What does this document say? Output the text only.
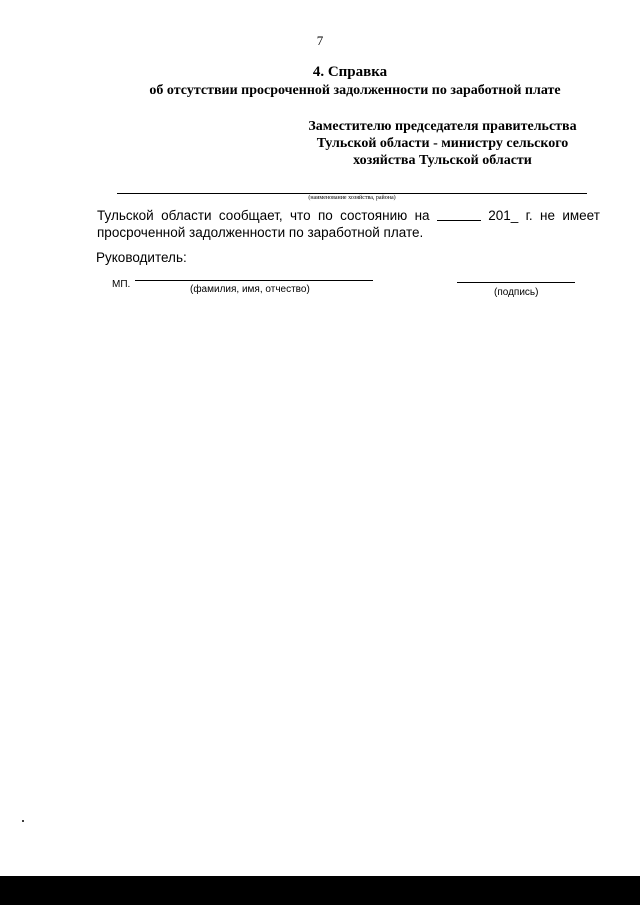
7
4. Справка
об отсутствии просроченной задолженности по заработной плате
Заместителю председателя правительства
Тульской области - министру сельского
хозяйства Тульской области
(наименование хозяйства, района)
Тульской области сообщает, что по состоянию на	201_ г. не имеет
просроченной задолженности по заработной плате.
Руководитель:
МП.	(фамилия, имя, отчество)	(подпись)
